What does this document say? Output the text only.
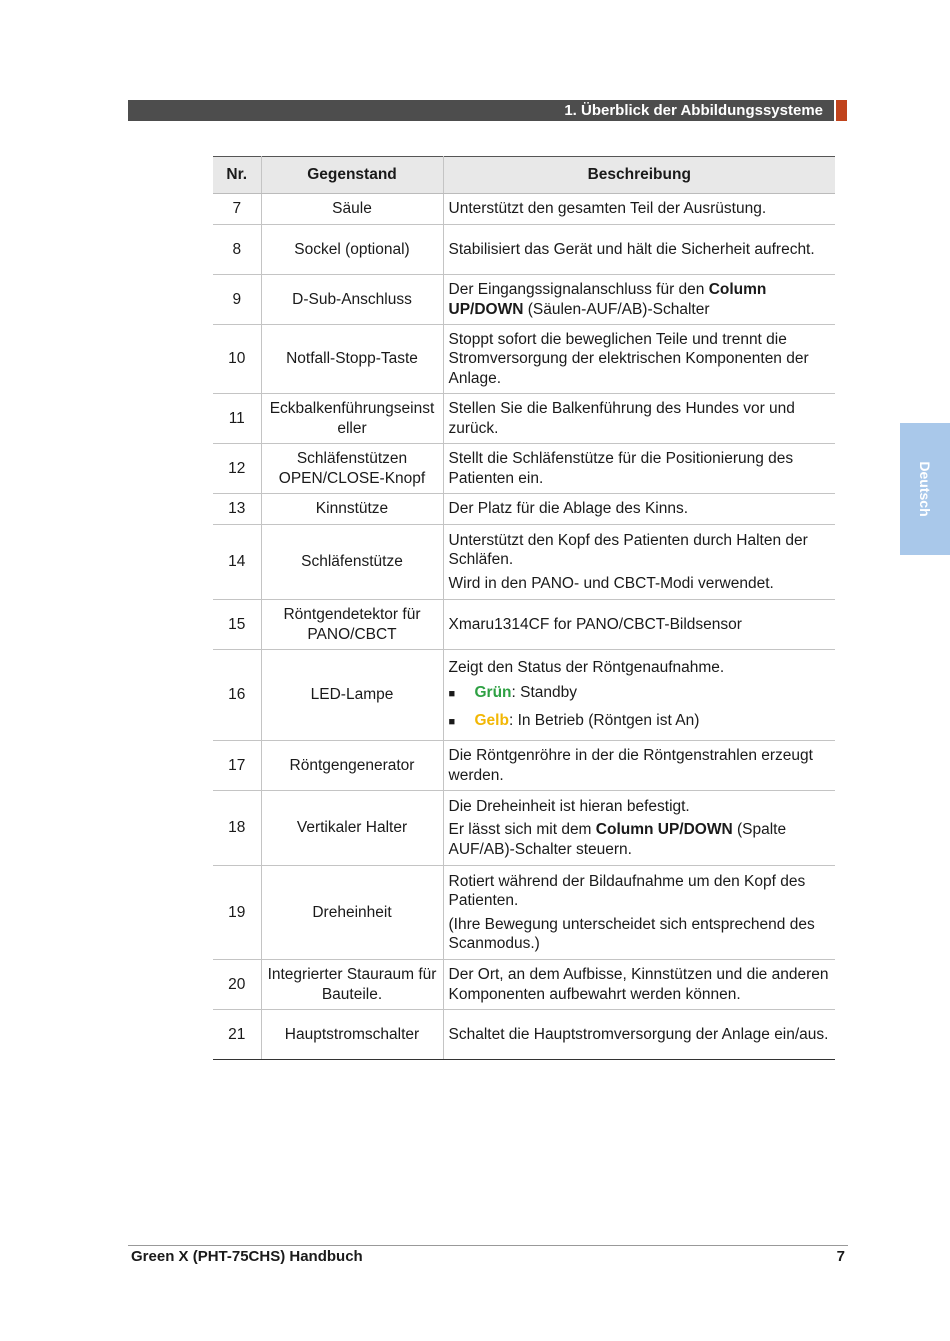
1. Überblick der Abbildungssysteme
Deutsch
Nr.	Gegenstand	Beschreibung
7	Säule	Unterstützt den gesamten Teil der Ausrüstung.
8	Sockel (optional)	Stabilisiert das Gerät und hält die Sicherheit aufrecht.
9	D-Sub-Anschluss	Der Eingangssignalanschluss für den Column UP/DOWN (Säulen-AUF/AB)-Schalter
10	Notfall-Stopp-Taste	Stoppt sofort die beweglichen Teile und trennt die Stromversorgung der elektrischen Komponenten der Anlage.
11	Eckbalkenführungseinsteller	Stellen Sie die Balkenführung des Hundes vor und zurück.
12	Schläfenstützen OPEN/CLOSE-Knopf	Stellt die Schläfenstütze für die Positionierung des Patienten ein.
13	Kinnstütze	Der Platz für die Ablage des Kinns.
14	Schläfenstütze	Unterstützt den Kopf des Patienten durch Halten der Schläfen.
Wird in den PANO- und CBCT-Modi verwendet.

15	Röntgendetektor für PANO/CBCT	Xmaru1314CF for PANO/CBCT-Bildsensor
16	LED-Lampe	Zeigt den Status der Röntgenaufnahme.
■ Grün: Standby
■ Gelb: In Betrieb (Röntgen ist An)

17	Röntgengenerator	Die Röntgenröhre in der die Röntgenstrahlen erzeugt werden.
18	Vertikaler Halter	Die Dreheinheit ist hieran befestigt.
Er lässt sich mit dem Column UP/DOWN (Spalte AUF/AB)-Schalter steuern.

19	Dreheinheit	Rotiert während der Bildaufnahme um den Kopf des Patienten.
(Ihre Bewegung unterscheidet sich entsprechend des Scanmodus.)

20	Integrierter Stauraum für Bauteile.	Der Ort, an dem Aufbisse, Kinnstützen und die anderen Komponenten aufbewahrt werden können.
21	Hauptstromschalter	Schaltet die Hauptstromversorgung der Anlage ein/aus.
Green X (PHT-75CHS) Handbuch	7
